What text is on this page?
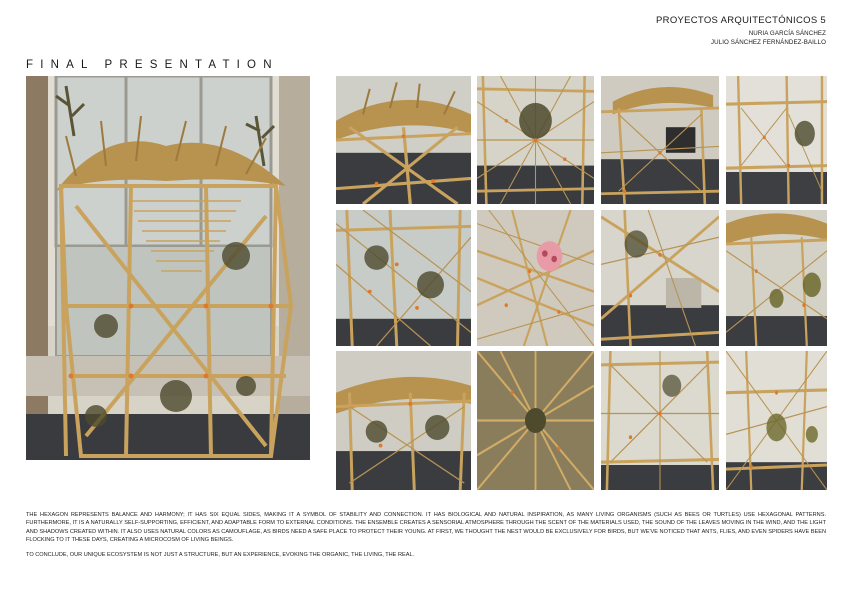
PROYECTOS ARQUITECTÓNICOS 5
NURIA GARCÍA SÁNCHEZ
JULIO SÁNCHEZ FERNÁNDEZ-BAILLO
FINAL PRESENTATION

THE HEXAGON REPRESENTS BALANCE AND HARMONY; IT HAS SIX EQUAL SIDES, MAKING IT A SYMBOL OF STABILITY AND CONNECTION. IT HAS BIOLOGICAL AND NATURAL INSPIRATION, AS MANY LIVING ORGANISMS (SUCH AS BEES OR TURTLES) USE HEXAGONAL PATTERNS. FURTHERMORE, IT IS A NATURALLY SELF-SUPPORTING, EFFICIENT, AND ADAPTABLE FORM TO EXTERNAL CONDITIONS. THE ENSEMBLE CREATES A SENSORIAL ATMOSPHERE THROUGH THE SCENT OF THE MATERIALS USED, THE SOUND OF THE LEAVES MOVING IN THE WIND, AND THE LIGHT AND SHADOWS CREATED WITHIN. IT ALSO USES NATURAL COLORS AS CAMOUFLAGE, AS BIRDS NEED A SAFE PLACE TO PROTECT THEIR YOUNG. AT FIRST, WE THOUGHT THE NEST WOULD BE EXCLUSIVELY FOR BIRDS, BUT WE'VE NOTICED THAT ANTS, FLIES, AND EVEN SPIDERS HAVE BEEN FLOCKING TO IT THESE DAYS, CREATING A MICROCOSM OF LIVING BEINGS.

TO CONCLUDE, OUR UNIQUE ECOSYSTEM IS NOT JUST A STRUCTURE, BUT AN EXPERIENCE, EVOKING THE ORGANIC, THE LIVING, THE REAL.
